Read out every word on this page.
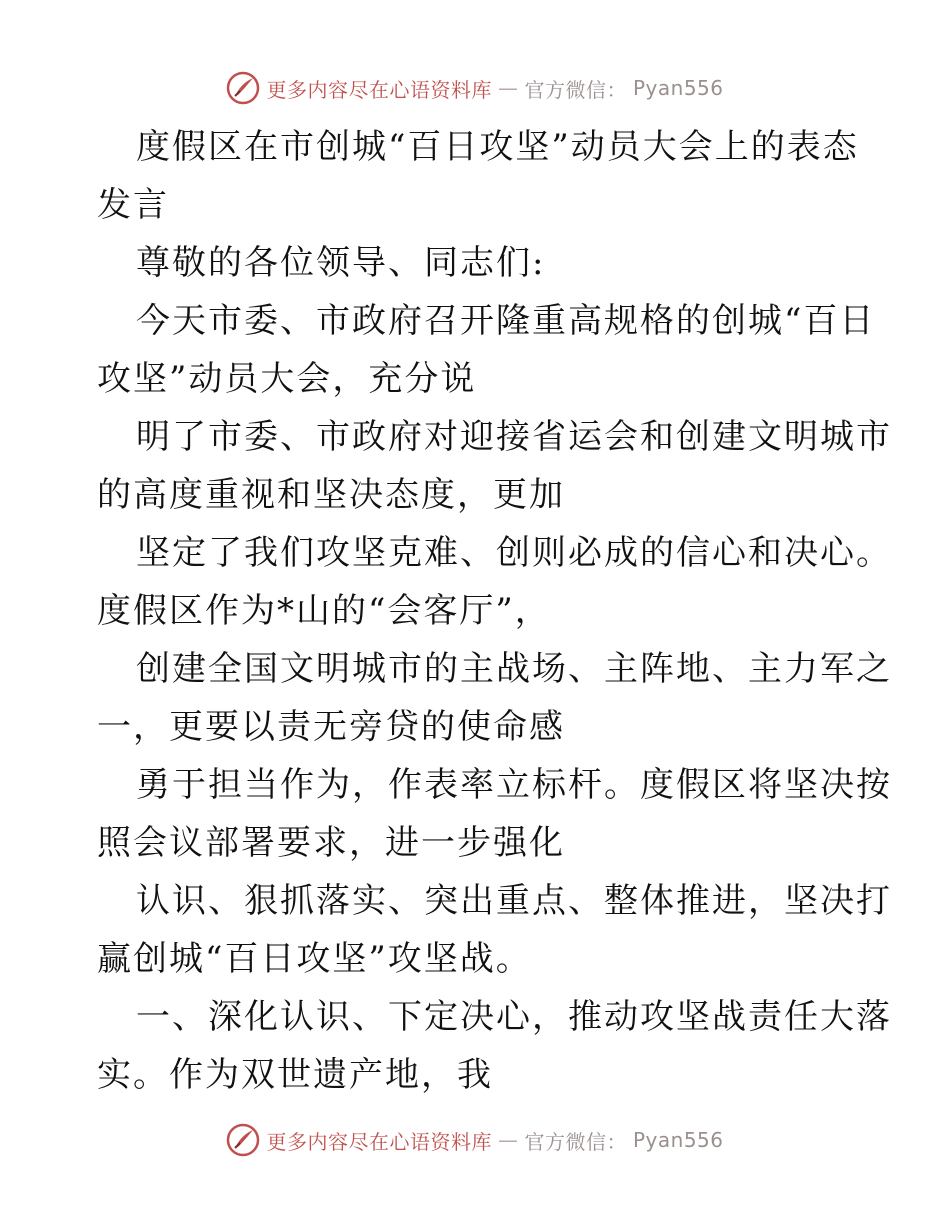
更多内容尽在心语资料库 — 官方微信： Pyan556
度假区在市创城“百日攻坚”动员大会上的表态
发言
尊敬的各位领导、同志们:
今天市委、市政府召开隆重高规格的创城“百日
攻坚”动员大会，充分说
明了市委、市政府对迎接省运会和创建文明城市
的高度重视和坚决态度，更加
坚定了我们攻坚克难、创则必成的信心和决心。
度假区作为*山的“会客厅”，
创建全国文明城市的主战场、主阵地、主力军之
一，更要以责无旁贷的使命感
勇于担当作为，作表率立标杆。度假区将坚决按
照会议部署要求，进一步强化
认识、狠抓落实、突出重点、整体推进，坚决打
赢创城“百日攻坚”攻坚战。
一、深化认识、下定决心，推动攻坚战责任大落
实。作为双世遗产地，我
更多内容尽在心语资料库 — 官方微信： Pyan556
